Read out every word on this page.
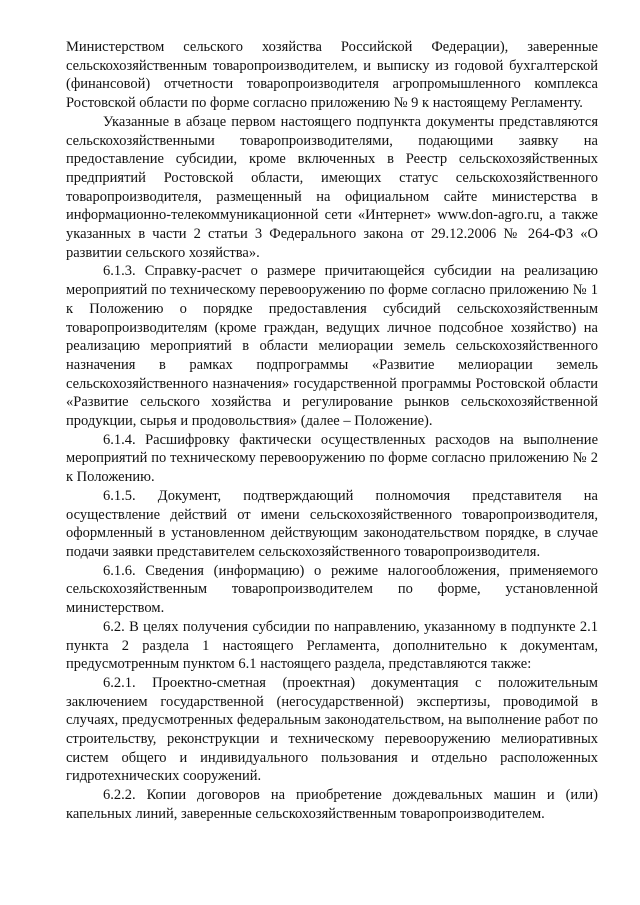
Министерством сельского хозяйства Российской Федерации), заверенные сельскохозяйственным товаропроизводителем, и выписку из годовой бухгалтерской (финансовой) отчетности товаропроизводителя агропромышленного комплекса Ростовской области по форме согласно приложению № 9 к настоящему Регламенту.

Указанные в абзаце первом настоящего подпункта документы представляются сельскохозяйственными товаропроизводителями, подающими заявку на предоставление субсидии, кроме включенных в Реестр сельскохозяйственных предприятий Ростовской области, имеющих статус сельскохозяйственного товаропроизводителя, размещенный на официальном сайте министерства в информационно-телекоммуникационной сети «Интернет» www.don-agro.ru, а также указанных в части 2 статьи 3 Федерального закона от 29.12.2006 № 264-ФЗ «О развитии сельского хозяйства».

6.1.3. Справку-расчет о размере причитающейся субсидии на реализацию мероприятий по техническому перевооружению по форме согласно приложению № 1 к Положению о порядке предоставления субсидий сельскохозяйственным товаропроизводителям (кроме граждан, ведущих личное подсобное хозяйство) на реализацию мероприятий в области мелиорации земель сельскохозяйственного назначения в рамках подпрограммы «Развитие мелиорации земель сельскохозяйственного назначения» государственной программы Ростовской области «Развитие сельского хозяйства и регулирование рынков сельскохозяйственной продукции, сырья и продовольствия» (далее – Положение).

6.1.4. Расшифровку фактически осуществленных расходов на выполнение мероприятий по техническому перевооружению по форме согласно приложению № 2 к Положению.

6.1.5. Документ, подтверждающий полномочия представителя на осуществление действий от имени сельскохозяйственного товаропроизводителя, оформленный в установленном действующим законодательством порядке, в случае подачи заявки представителем сельскохозяйственного товаропроизводителя.

6.1.6. Сведения (информацию) о режиме налогообложения, применяемого сельскохозяйственным товаропроизводителем по форме, установленной министерством.

6.2. В целях получения субсидии по направлению, указанному в подпункте 2.1 пункта 2 раздела 1 настоящего Регламента, дополнительно к документам, предусмотренным пунктом 6.1 настоящего раздела, представляются также:

6.2.1. Проектно-сметная (проектная) документация с положительным заключением государственной (негосударственной) экспертизы, проводимой в случаях, предусмотренных федеральным законодательством, на выполнение работ по строительству, реконструкции и техническому перевооружению мелиоративных систем общего и индивидуального пользования и отдельно расположенных гидротехнических сооружений.

6.2.2. Копии договоров на приобретение дождевальных машин и (или) капельных линий, заверенные сельскохозяйственным товаропроизводителем.
